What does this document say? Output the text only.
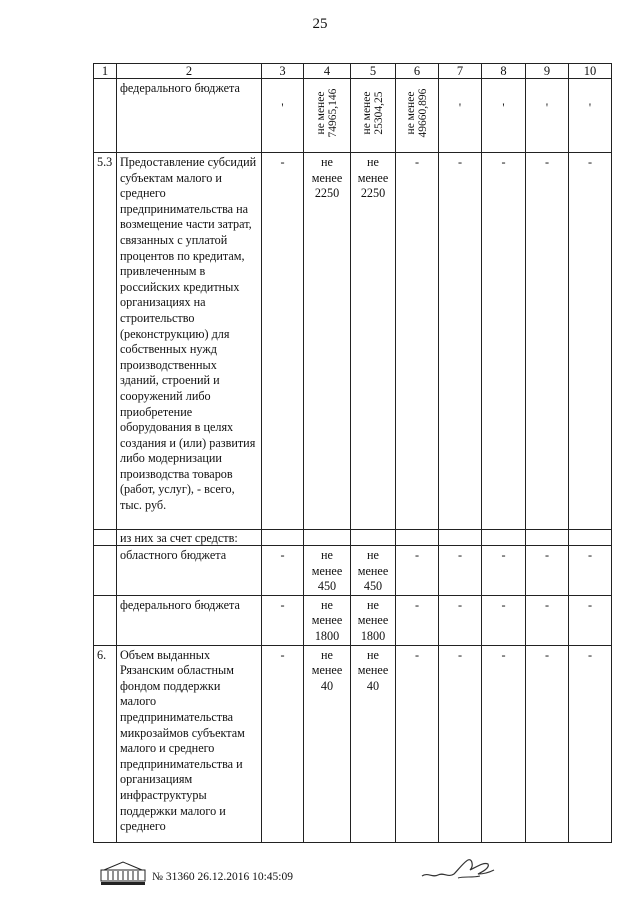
25
1	2	3	4	5	6	7	8	9	10
	федерального бюджета	'	не менее 74965,146	не менее 25304,25	не менее 49660,896	'	'	'	'
5.3	Предоставление субсидий субъектам малого и среднего предпринимательства на возмещение части затрат, связанных с уплатой процентов по кредитам, привлеченным в российских кредитных организациях на строительство (реконструкцию) для собственных нужд производственных зданий, строений и сооружений либо приобретение оборудования в целях создания и (или) развития либо модернизации производства товаров (работ, услуг), - всего, тыс. руб.	-	не менее 2250	не менее 2250	-	-	-	-	-
	из них за счет средств:								
	областного бюджета	-	не менее 450	не менее 450	-	-	-	-	-
	федерального бюджета	-	не менее 1800	не менее 1800	-	-	-	-	-
6.	Объем выданных Рязанским областным фондом поддержки малого предпринимательства микрозаймов субъектам малого и среднего предпринимательства и организациям инфраструктуры поддержки малого и среднего	-	не менее 40	не менее 40	-	-	-	-	-
№ 31360 26.12.2016 10:45:09
